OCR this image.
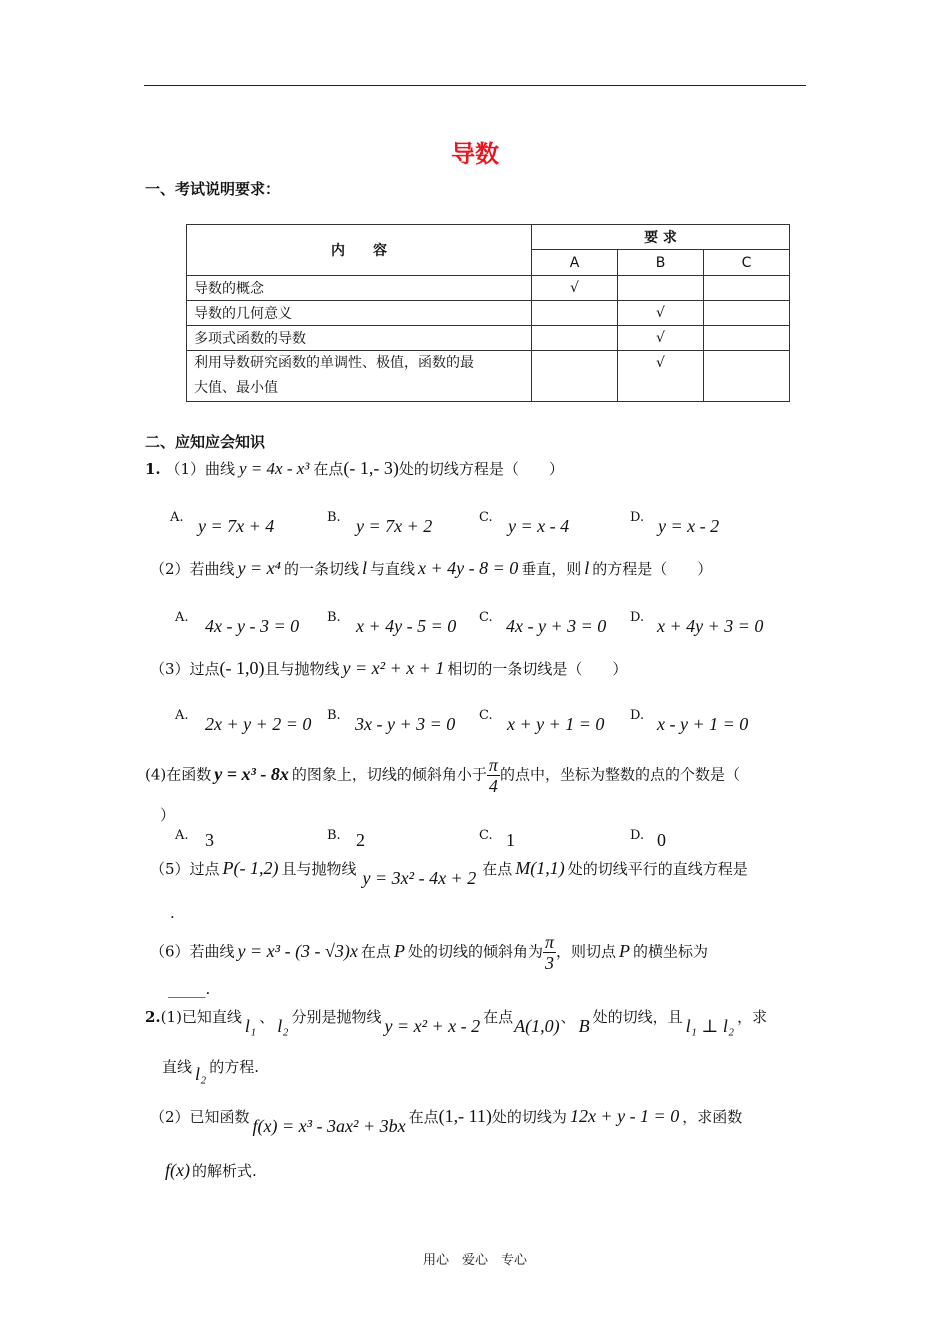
导数
一、考试说明要求：
内　　容	要 求		
	A	B	C
导数的概念	√		
导数的几何意义		√	
多项式函数的导数		√	
利用导数研究函数的单调性、极值，函数的最
大值、最小值		√	
二、应知应会知识
1. （1）曲线 y = 4x - x³ 在点(- 1,- 3)处的切线方程是（　　）
A. y = 7x + 4	B. y = 7x + 2	C. y = x - 4	D. y = x - 2
（2）若曲线 y = x⁴ 的一条切线 l 与直线 x + 4y - 8 = 0 垂直，则 l 的方程是（　　）
A. 4x - y - 3 = 0 B. x + 4y - 5 = 0 C. 4x - y + 3 = 0 D. x + 4y + 3 = 0
（3）过点(- 1,0)且与抛物线 y = x² + x + 1 相切的一条切线是（　　）
A. 2x + y + 2 = 0 B. 3x - y + 3 = 0 C. x + y + 1 = 0 D. x - y + 1 = 0
(4)在函数 y = x³ - 8x 的图象上，切线的倾斜角小于 $\frac{\pi}{4}$ 的点中，坐标为整数的点的个数是（
）
A. 3	B. 2	C. 1	D. 0
（5）过点 P(- 1,2) 且与抛物线 y = 3x² - 4x + 2 在点 M(1,1) 处的切线平行的直线方程是
.
（6）若曲线 y = x³ - (3 - √3)x 在点 P 处的切线的倾斜角为 $\frac{\pi}{3}$ ，则切点 P 的横坐标为
_____.
2.(1)已知直线 l₁ 、 l₂ 分别是抛物线 y = x² + x - 2 在点A(1,0)、 B 处的切线，且 l₁ ⊥ l₂ ，求
直线 l₂ 的方程.
（2）已知函数 f(x) = x³ - 3ax² + 3bx 在点(1,- 11)处的切线为 12x + y - 1 = 0 ，求函数
f(x) 的解析式.
用心　爱心　专心
